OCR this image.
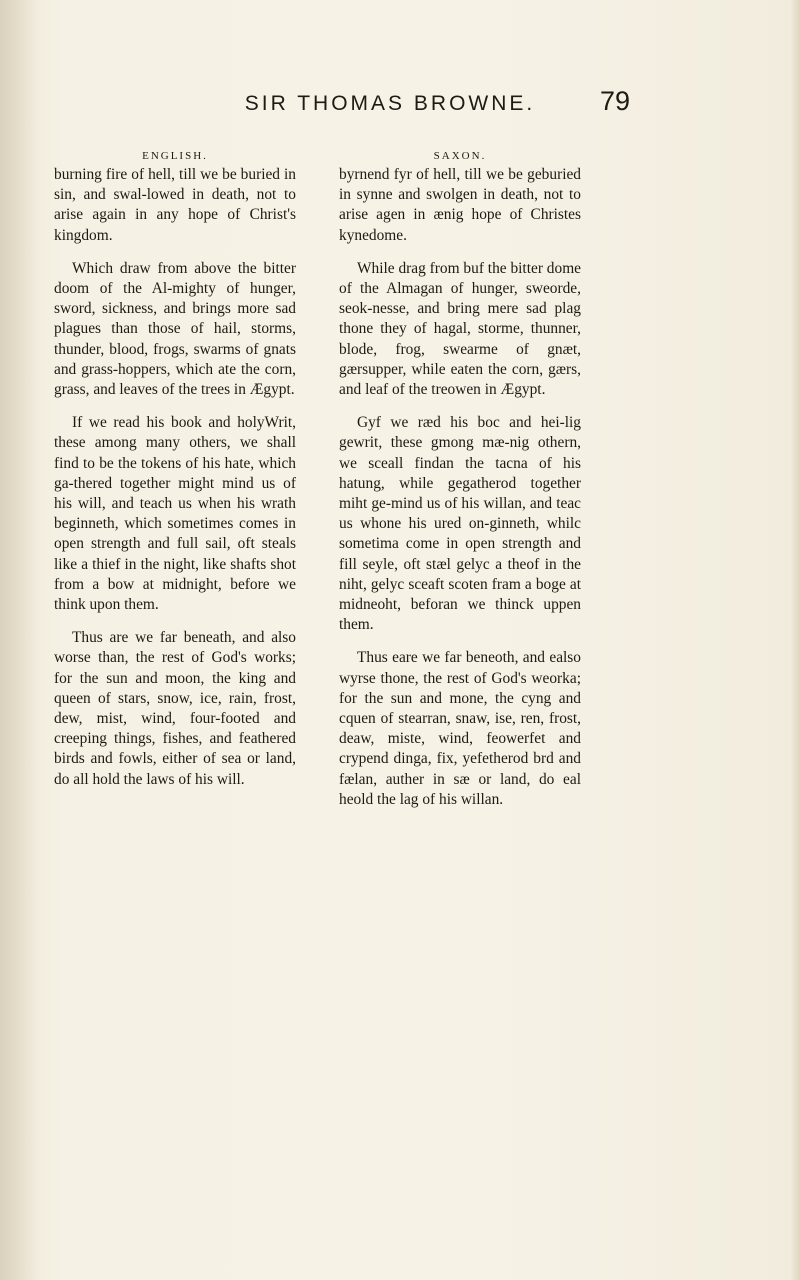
SIR THOMAS BROWNE.	79
ENGLISH.

burning fire of hell, till we be buried in sin, and swal-lowed in death, not to arise again in any hope of Christ's kingdom.

Which draw from above the bitter doom of the Al-mighty of hunger, sword, sickness, and brings more sad plagues than those of hail, storms, thunder, blood, frogs, swarms of gnats and grass-hoppers, which ate the corn, grass, and leaves of the trees in Ægypt.

If we read his book and holyWrit, these among many others, we shall find to be the tokens of his hate, which ga-thered together might mind us of his will, and teach us when his wrath beginneth, which sometimes comes in open strength and full sail, oft steals like a thief in the night, like shafts shot from a bow at midnight, before we think upon them.

Thus are we far beneath, and also worse than, the rest of God's works; for the sun and moon, the king and queen of stars, snow, ice, rain, frost, dew, mist, wind, four-footed and creeping things, fishes, and feathered birds and fowls, either of sea or land, do all hold the laws of his will.

SAXON.

byrnend fyr of hell, till we be geburied in synne and swolgen in death, not to arise agen in ænig hope of Christes kynedome.

While drag from buf the bitter dome of the Almagan of hunger, sweorde, seok-nesse, and bring mere sad plag thone they of hagal, storme, thunner, blode, frog, swearme of gnæt, gærsupper, while eaten the corn, gærs, and leaf of the treowen in Ægypt.

Gyf we ræd his boc and hei-lig gewrit, these gmong mæ-nig othern, we sceall findan the tacna of his hatung, while gegatherod together miht ge-mind us of his willan, and teac us whone his ured on-ginneth, whilc sometima come in open strength and fill seyle, oft stæl gelyc a theof in the niht, gelyc sceaft scoten fram a boge at midneoht, beforan we thinck uppen them.

Thus eare we far beneoth, and ealso wyrse thone, the rest of God's weorka; for the sun and mone, the cyng and cquen of stearran, snaw, ise, ren, frost, deaw, miste, wind, feowerfet and crypend dinga, fix, yefetherod brd and fælan, auther in sæ or land, do eal heold the lag of his willan.
